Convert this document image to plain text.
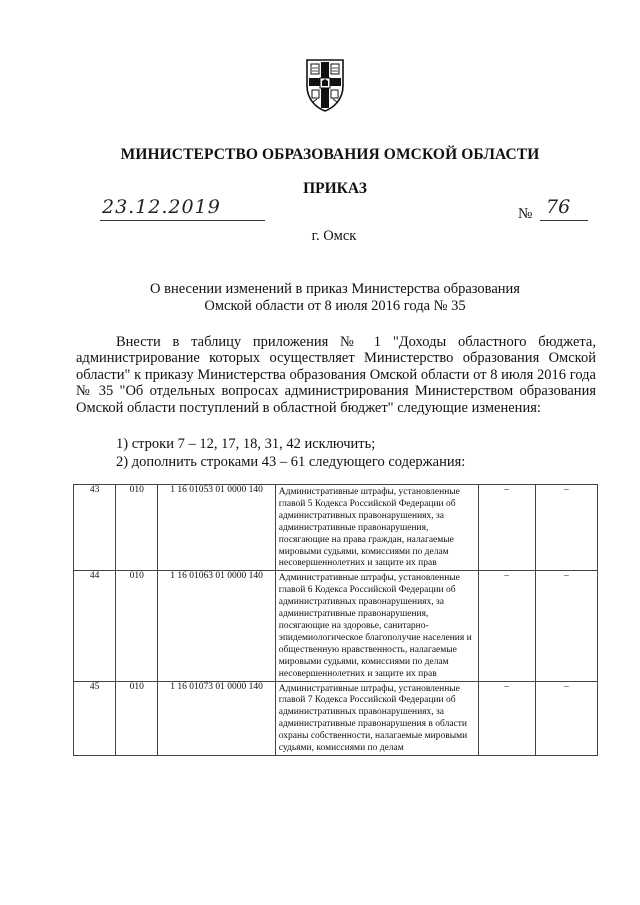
МИНИСТЕРСТВО ОБРАЗОВАНИЯ ОМСКОЙ ОБЛАСТИ
ПРИКАЗ
23.12.2019	№ 76
г. Омск
О внесении изменений в приказ Министерства образования
Омской области от 8 июля 2016 года № 35
Внести в таблицу приложения № 1 "Доходы областного бюджета, администрирование которых осуществляет Министерство образования Омской области" к приказу Министерства образования Омской области от 8 июля 2016 года № 35 "Об отдельных вопросах администрирования Министерством образования Омской области поступлений в областной бюджет" следующие изменения:
1) строки 7 – 12, 17, 18, 31, 42 исключить;
2) дополнить строками 43 – 61 следующего содержания:
43	010	1 16 01053 01 0000 140	Административные штрафы, установленные главой 5 Кодекса Российской Федерации об административных правонарушениях, за административные правонарушения, посягающие на права граждан, налагаемые мировыми судьями, комиссиями по делам несовершеннолетних и защите их прав	–	–
44	010	1 16 01063 01 0000 140	Административные штрафы, установленные главой 6 Кодекса Российской Федерации об административных правонарушениях, за административные правонарушения, посягающие на здоровье, санитарно-эпидемиологическое благополучие населения и общественную нравственность, налагаемые мировыми судьями, комиссиями по делам несовершеннолетних и защите их прав	–	–
45	010	1 16 01073 01 0000 140	Административные штрафы, установленные главой 7 Кодекса Российской Федерации об административных правонарушениях, за административные правонарушения в области охраны собственности, налагаемые мировыми судьями, комиссиями по делам	–	–
